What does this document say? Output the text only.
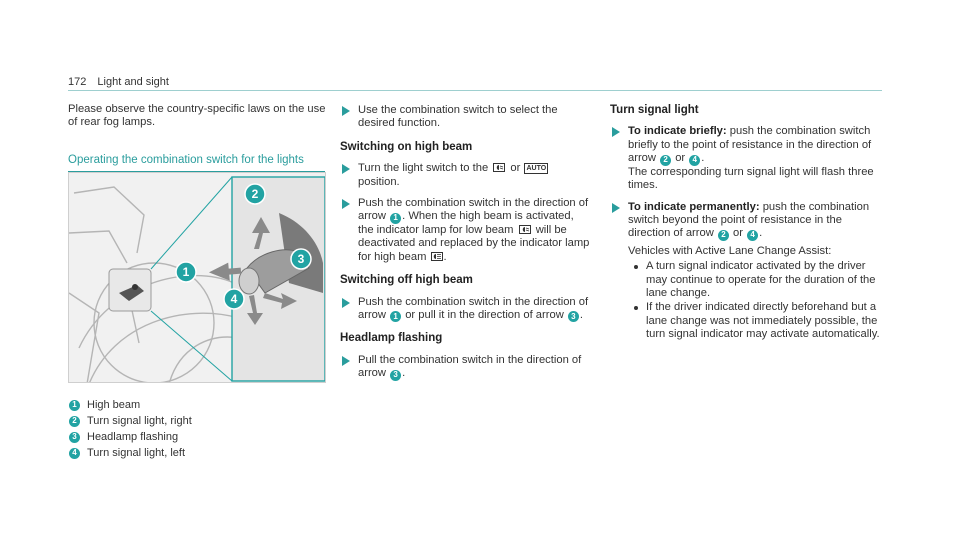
172 Light and sight
Please observe the country-specific laws on the use of rear fog lamps.
Operating the combination switch for the lights
1
2
3
4
1 High beam
2 Turn signal light, right
3 Headlamp flashing
4 Turn signal light, left
Use the combination switch to select the desired function.
Switching on high beam
Turn the light switch to the or AUTO position.
Push the combination switch in the direction of arrow 1 . When the high beam is activated, the indicator lamp for low beam will be deactivated and replaced by the indicator lamp for high beam .
Switching off high beam
Push the combination switch in the direction of arrow 1 or pull it in the direction of arrow 3 .
Headlamp flashing
Pull the combination switch in the direction of arrow 3 .
Turn signal light
To indicate briefly: push the combination switch briefly to the point of resistance in the direction of arrow 2 or 4 .
The corresponding turn signal light will flash three times.
To indicate permanently: push the combination switch beyond the point of resistance in the direction of arrow 2 or 4 .
Vehicles with Active Lane Change Assist:
A turn signal indicator activated by the driver may continue to operate for the duration of the lane change.
If the driver indicated directly beforehand but a lane change was not immediately possible, the turn signal indicator may activate automatically.
